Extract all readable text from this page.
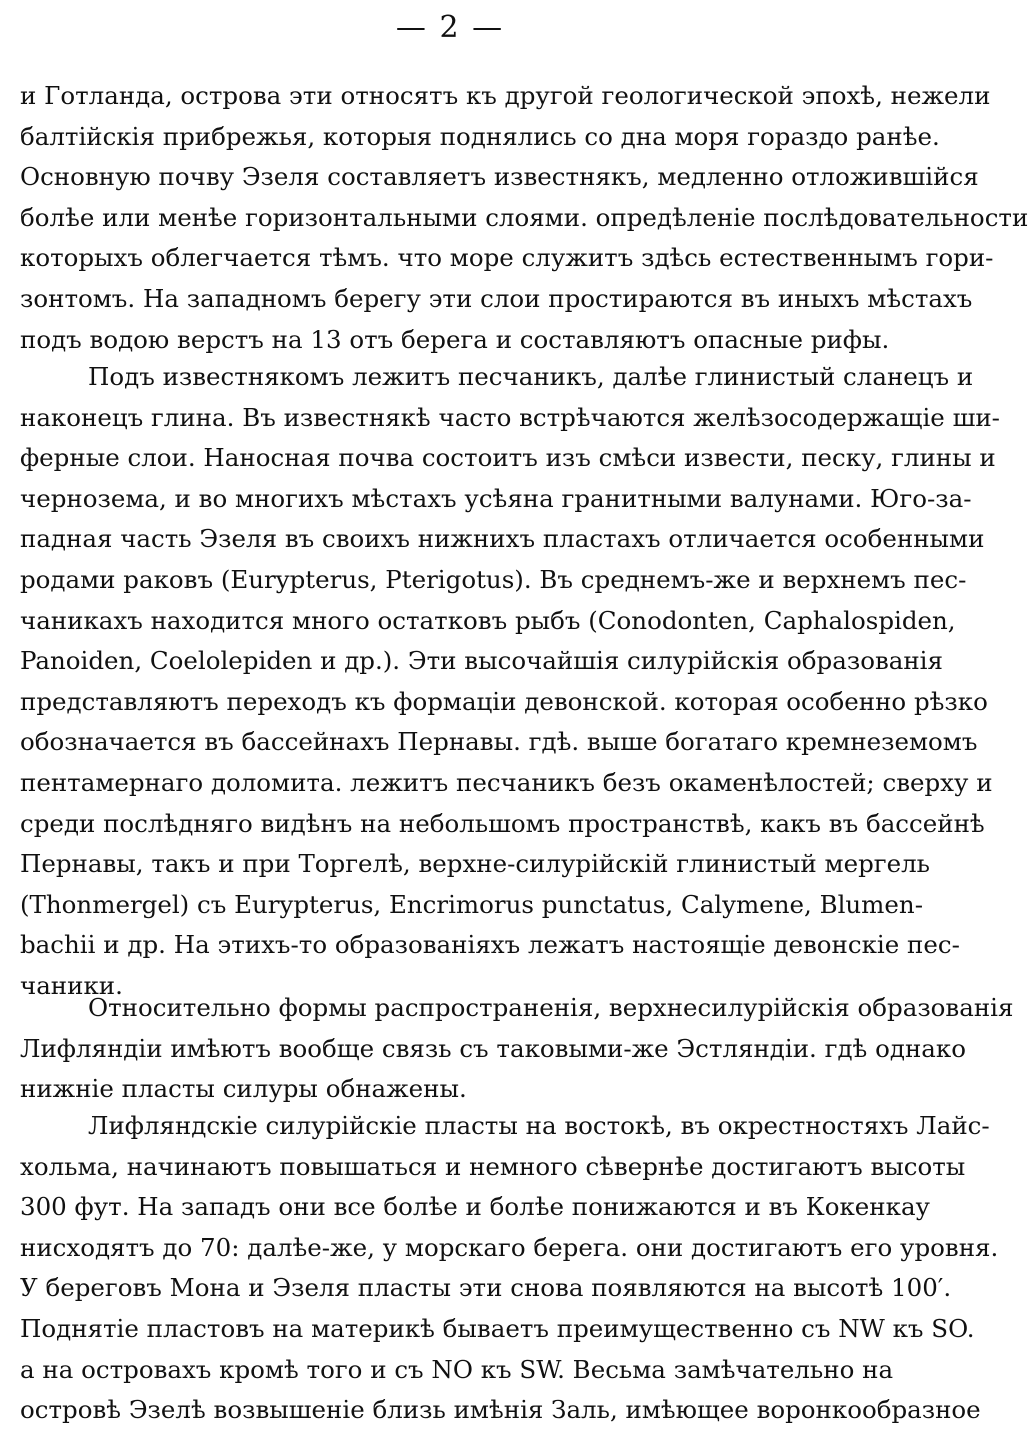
— 2 —
и Готланда, острова эти относятъ къ другой геологической эпохѣ, нежели
балтійскія прибрежья, которыя поднялись со дна моря гораздо ранѣе.
Основную почву Эзеля составляетъ известнякъ, медленно отложившійся
болѣе или менѣе горизонтальными слоями. опредѣленіе послѣдовательности
которыхъ облегчается тѣмъ. что море служитъ здѣсь естественнымъ гори-
зонтомъ. На западномъ берегу эти слои простираются въ иныхъ мѣстахъ
подъ водою верстъ на 13 отъ берега и составляютъ опасные рифы.
Подъ известнякомъ лежитъ песчаникъ, далѣе глинистый сланецъ и
наконецъ глина. Въ известнякѣ часто встрѣчаются желѣзосодержащіе ши-
ферные слои. Наносная почва состоитъ изъ смѣси извести, песку, глины и
чернозема, и во многихъ мѣстахъ усѣяна гранитными валунами. Юго-за-
падная часть Эзеля въ своихъ нижнихъ пластахъ отличается особенными
родами раковъ (Eurypterus, Pterigotus). Въ среднемъ-же и верхнемъ пес-
чаникахъ находится много остатковъ рыбъ (Conodonten, Caphalospiden,
Panoiden, Coelolepiden и др.). Эти высочайшія силурійскія образованія
представляютъ переходъ къ формаціи девонской. которая особенно рѣзко
обозначается въ бассейнахъ Пернавы. гдѣ. выше богатаго кремнеземомъ
пентамернаго доломита. лежитъ песчаникъ безъ окаменѣлостей; сверху и
среди послѣдняго видѣнъ на небольшомъ пространствѣ, какъ въ бассейнѣ
Пернавы, такъ и при Торгелѣ, верхне-силурійскій глинистый мергель
(Thonmergel) съ Eurypterus, Encrimorus punctatus, Calymene, Blumen-
bachii и др. На этихъ-то образованіяхъ лежатъ настоящіе девонскіе пес-
чаники.
Относительно формы распространенія, верхнесилурійскія образованія
Лифляндіи имѣютъ вообще связь съ таковыми-же Эстляндіи. гдѣ однако
нижніе пласты силуры обнажены.
Лифляндскіе силурійскіе пласты на востокѣ, въ окрестностяхъ Лайс-
хольма, начинаютъ повышаться и немного сѣвернѣе достигаютъ высоты
300 фут. На западъ они все болѣе и болѣе понижаются и въ Кокенкау
нисходятъ до 70: далѣе-же, у морскаго берега. они достигаютъ его уровня.
У береговъ Мона и Эзеля пласты эти снова появляются на высотѣ 100′.
Поднятіе пластовъ на материкѣ бываетъ преимущественно съ NW къ SO.
а на островахъ кромѣ того и съ NO къ SW. Весьма замѣчательно на
островѣ Эзелѣ возвышеніе близь имѣнія Заль, имѣющее воронкообразное
